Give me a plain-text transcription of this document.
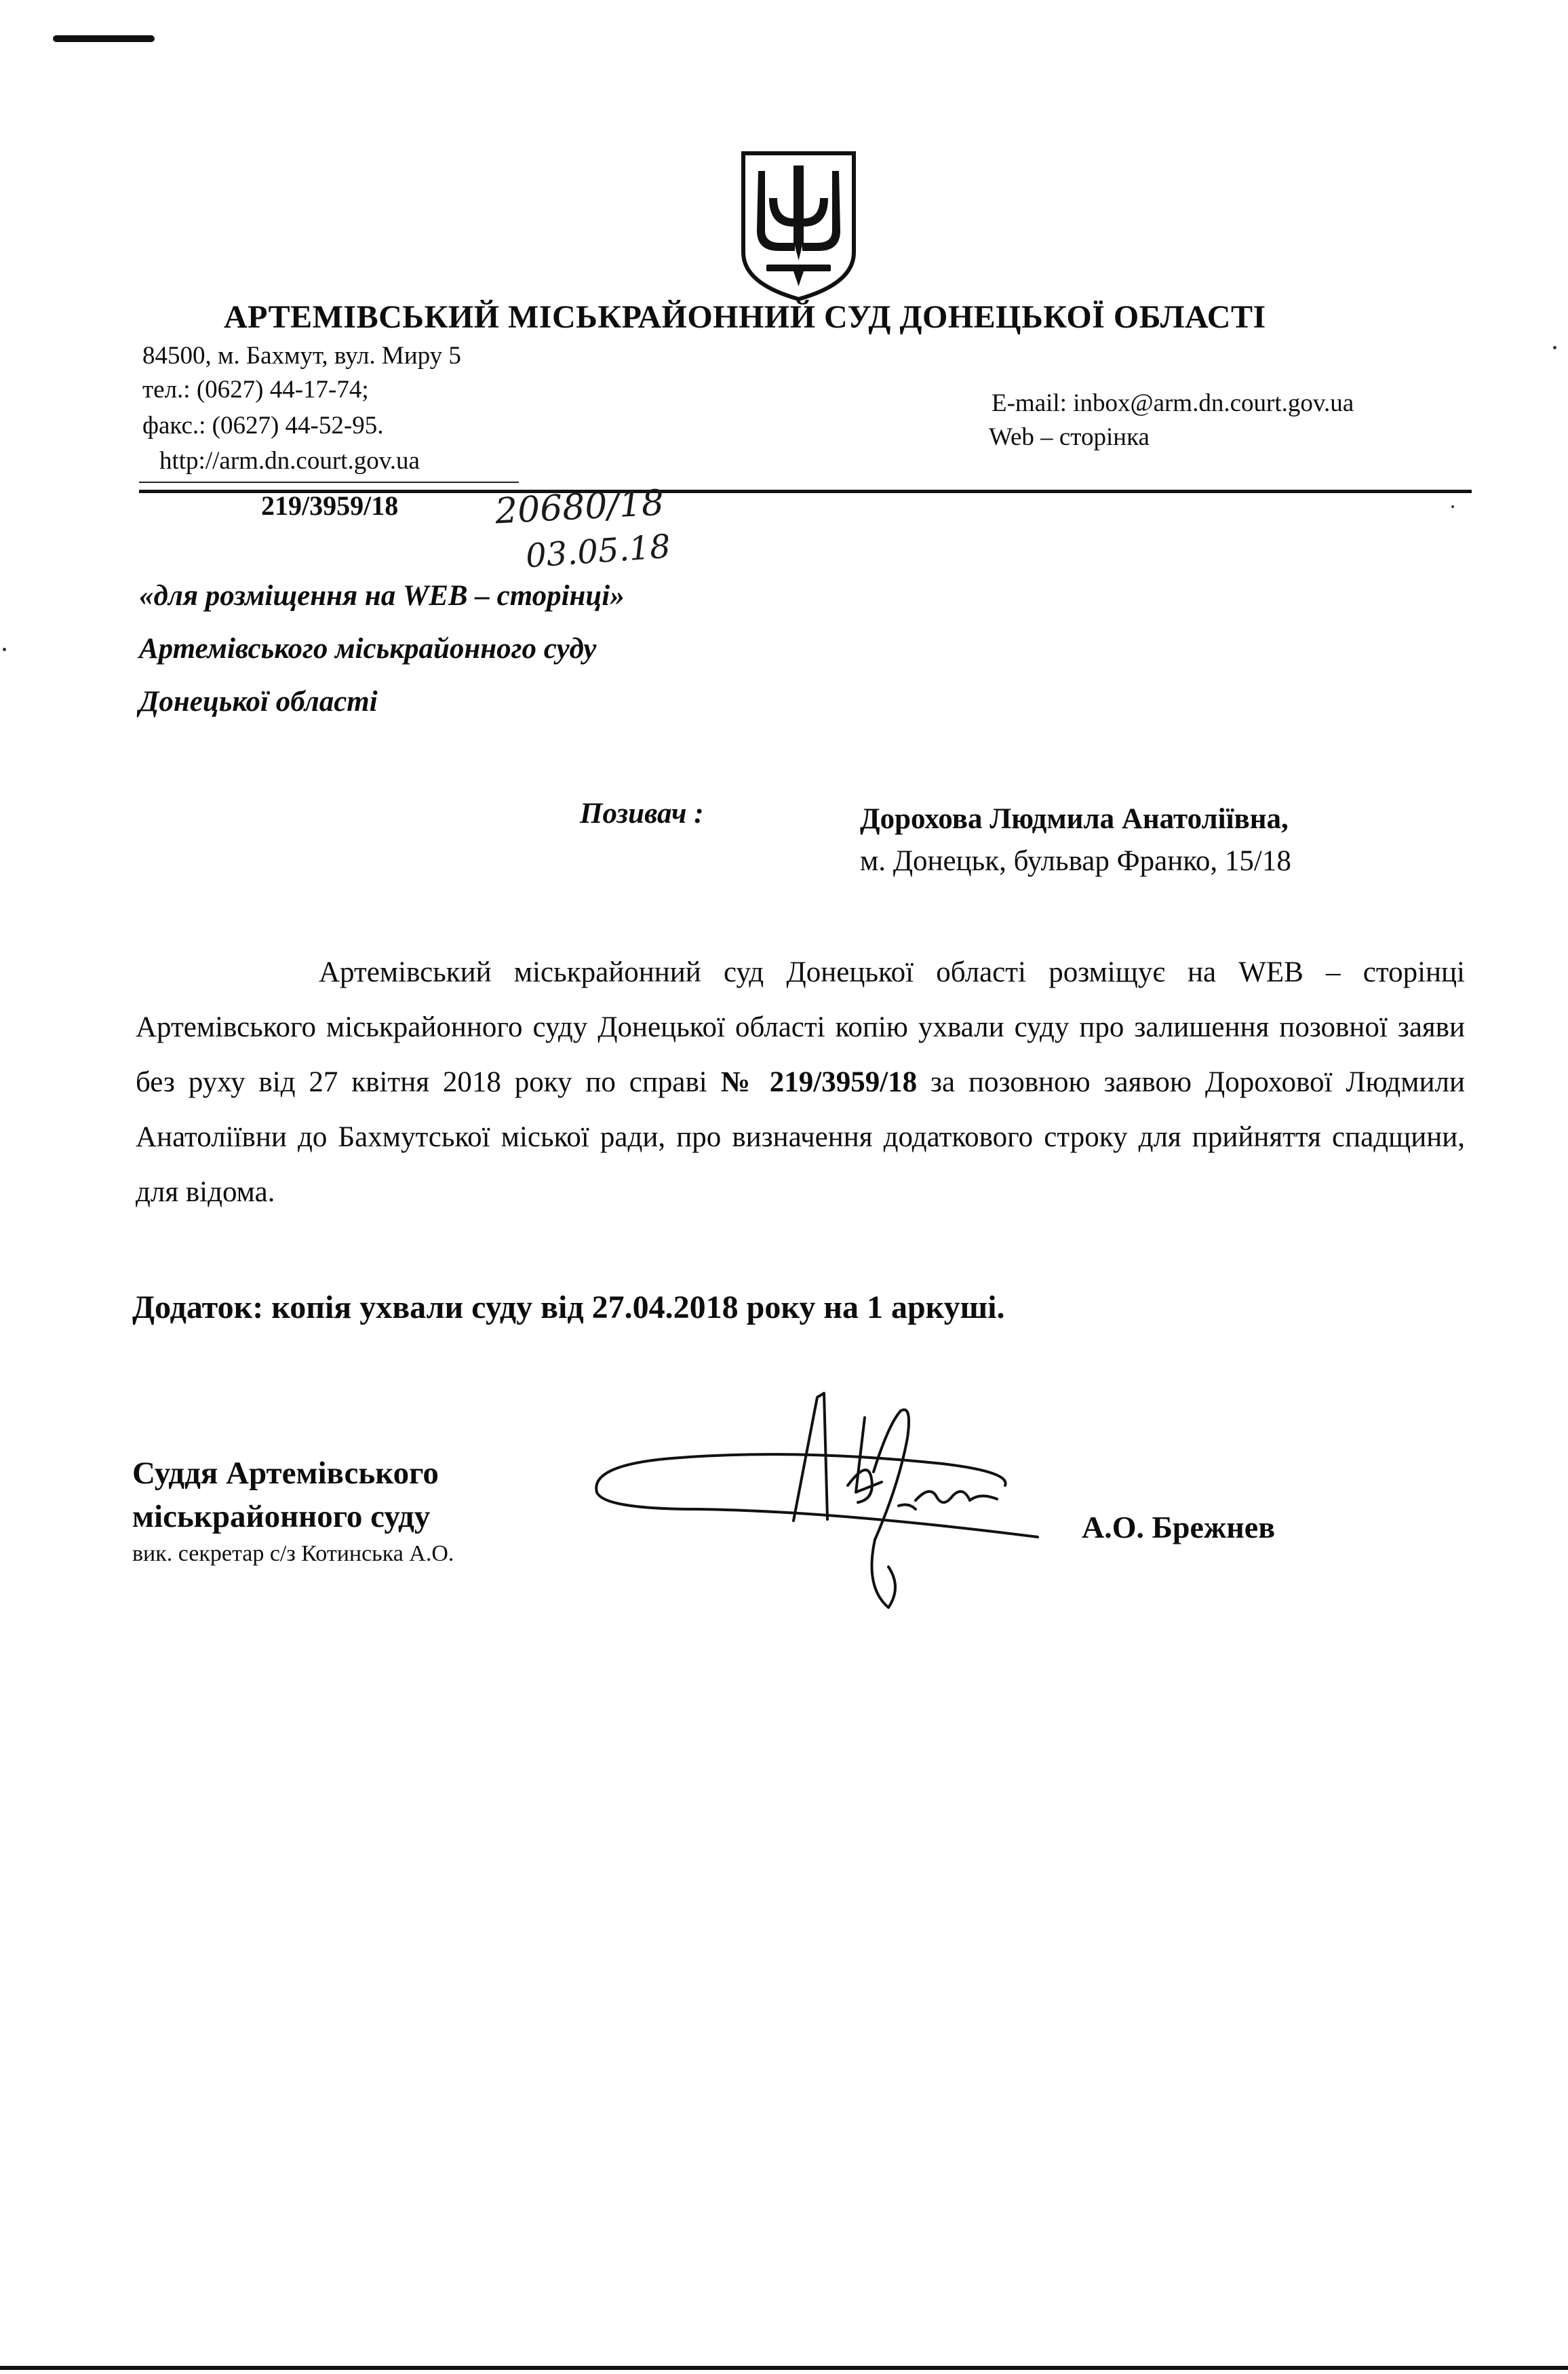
АРТЕМІВСЬКИЙ МІСЬКРАЙОННИЙ СУД ДОНЕЦЬКОЇ ОБЛАСТІ
84500, м. Бахмут, вул. Миру 5
тел.: (0627) 44-17-74;
факс.: (0627) 44-52-95.
http://arm.dn.court.gov.ua
E-mail: inbox@arm.dn.court.gov.ua
Web – сторінка
219/3959/18	20680/18
03.05.18
«для розміщення на WEB – сторінці»
Артемівського міськрайонного суду
Донецької області
Позивач :	Дорохова Людмила Анатоліївна,
м. Донецьк, бульвар Франко, 15/18
Артемівський міськрайонний суд Донецької області розміщує на WEB – сторінці Артемівського міськрайонного суду Донецької області копію ухвали суду про залишення позовної заяви без руху від 27 квітня 2018 року по справі № 219/3959/18 за позовною заявою Дорохової Людмили Анатоліївни до Бахмутської міської ради, про визначення додаткового строку для прийняття спадщини, для відома.
Додаток: копія ухвали суду від 27.04.2018 року на 1 аркуші.
Суддя Артемівського
міськрайонного суду
вик. секретар с/з Котинська А.О.
А.О. Брежнев
